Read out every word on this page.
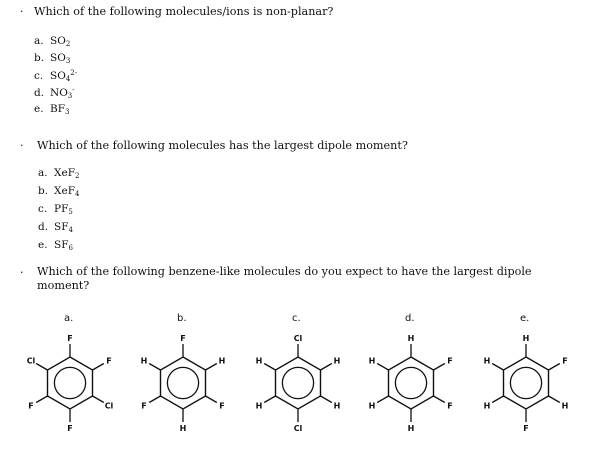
. Which of the following molecules/ions is non-planar?
a. $SO_2$
b. $SO_3$
c. $SO_4^{2-}$
d. $NO_3^-$
e. $BF_3$
. Which of the following molecules has the largest dipole moment?
a. XeF$_2$
b. XeF$_4$
c. $PF_5$
d. $SF_4$
e. $SF_6$
. Which of the following benzene-like molecules do you expect to have the largest dipole
moment?
a.	b.	c.	d.	e.
F
F
Cl
F
F
Cl
F
H
F
H
F
H
Cl
H
H
Cl
H
H
H
F
F
H
H
H
H
F
H
F
H
H
